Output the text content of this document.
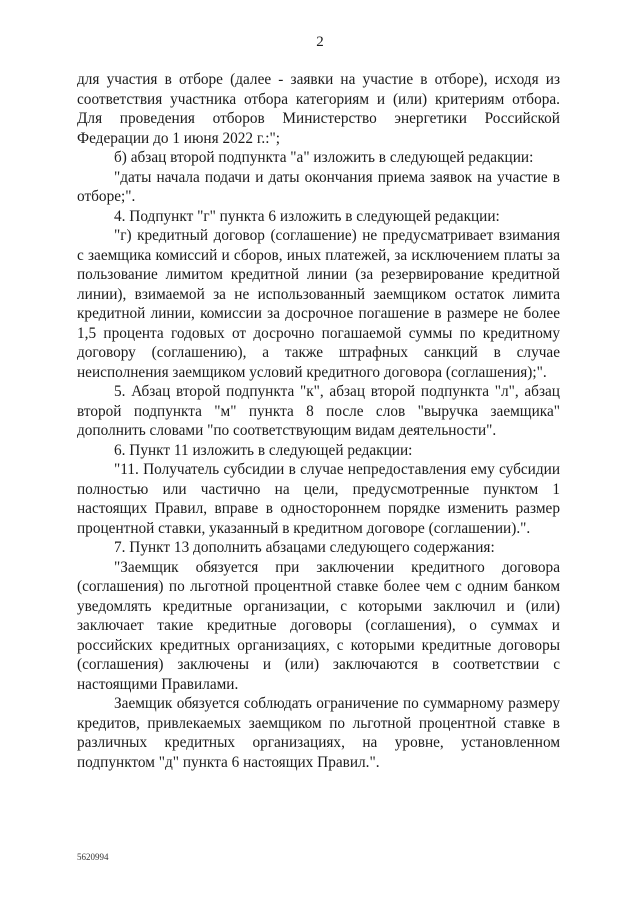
2

для участия в отборе (далее - заявки на участие в отборе), исходя из соответствия участника отбора категориям и (или) критериям отбора. Для проведения отборов Министерство энергетики Российской Федерации до 1 июня 2022 г.:";

б) абзац второй подпункта "а" изложить в следующей редакции:

"даты начала подачи и даты окончания приема заявок на участие в отборе;".

4. Подпункт "г" пункта 6 изложить в следующей редакции:

"г) кредитный договор (соглашение) не предусматривает взимания с заемщика комиссий и сборов, иных платежей, за исключением платы за пользование лимитом кредитной линии (за резервирование кредитной линии), взимаемой за не использованный заемщиком остаток лимита кредитной линии, комиссии за досрочное погашение в размере не более 1,5 процента годовых от досрочно погашаемой суммы по кредитному договору (соглашению), а также штрафных санкций в случае неисполнения заемщиком условий кредитного договора (соглашения);".

5. Абзац второй подпункта "к", абзац второй подпункта "л", абзац второй подпункта "м" пункта 8 после слов "выручка заемщика" дополнить словами "по соответствующим видам деятельности".

6. Пункт 11 изложить в следующей редакции:

"11. Получатель субсидии в случае непредоставления ему субсидии полностью или частично на цели, предусмотренные пунктом 1 настоящих Правил, вправе в одностороннем порядке изменить размер процентной ставки, указанный в кредитном договоре (соглашении).".

7. Пункт 13 дополнить абзацами следующего содержания:

"Заемщик обязуется при заключении кредитного договора (соглашения) по льготной процентной ставке более чем с одним банком уведомлять кредитные организации, с которыми заключил и (или) заключает такие кредитные договоры (соглашения), о суммах и российских кредитных организациях, с которыми кредитные договоры (соглашения) заключены и (или) заключаются в соответствии с настоящими Правилами.

Заемщик обязуется соблюдать ограничение по суммарному размеру кредитов, привлекаемых заемщиком по льготной процентной ставке в различных кредитных организациях, на уровне, установленном подпунктом "д" пункта 6 настоящих Правил.".

5620994
